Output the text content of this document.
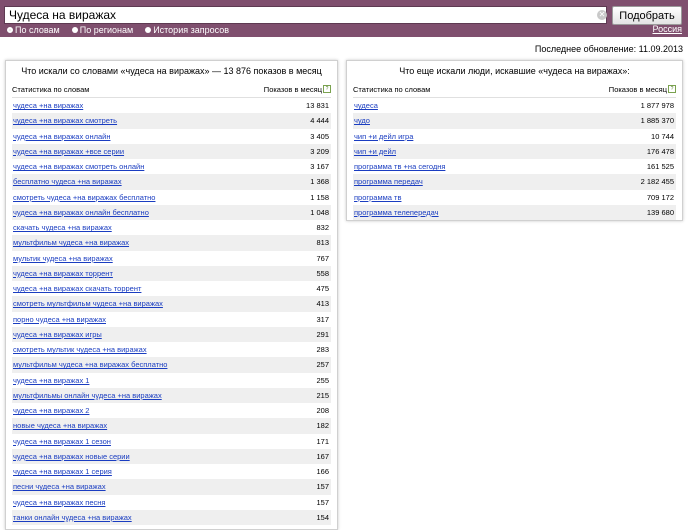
Чудеса на виражах
✕	Подобрать
По словам По регионам История запросов	Россия
Последнее обновление: 11.09.2013
Что искали со словами «чудеса на виражах» — 13 876 показов в месяц
Статистика по словам	Показов в месяц ?
чудеса +на виражах	13 831
чудеса +на виражах смотреть	4 444
чудеса +на виражах онлайн	3 405
чудеса +на виражах +все серии	3 209
чудеса +на виражах смотреть онлайн	3 167
бесплатно чудеса +на виражах	1 368
смотреть чудеса +на виражах бесплатно	1 158
чудеса +на виражах онлайн бесплатно	1 048
скачать чудеса +на виражах	832
мультфильм чудеса +на виражах	813
мультик чудеса +на виражах	767
чудеса +на виражах торрент	558
чудеса +на виражах скачать торрент	475
смотреть мультфильм чудеса +на виражах	413
порно чудеса +на виражах	317
чудеса +на виражах игры	291
смотреть мультик чудеса +на виражах	283
мультфильм чудеса +на виражах бесплатно	257
чудеса +на виражах 1	255
мультфильмы онлайн чудеса +на виражах	215
чудеса +на виражах 2	208
новые чудеса +на виражах	182
чудеса +на виражах 1 сезон	171
чудеса +на виражах новые серии	167
чудеса +на виражах 1 серия	166
песни чудеса +на виражах	157
чудеса +на виражах песня	157
танки онлайн чудеса +на виражах	154
Что еще искали люди, искавшие «чудеса на виражах»:
Статистика по словам	Показов в месяц ?
чудеса	1 877 978
чудо	1 885 370
чип +и дейл игра	10 744
чип +и дейл	176 478
программа тв +на сегодня	161 525
программа передач	2 182 455
программа тв	709 172
программа телепередач	139 680
